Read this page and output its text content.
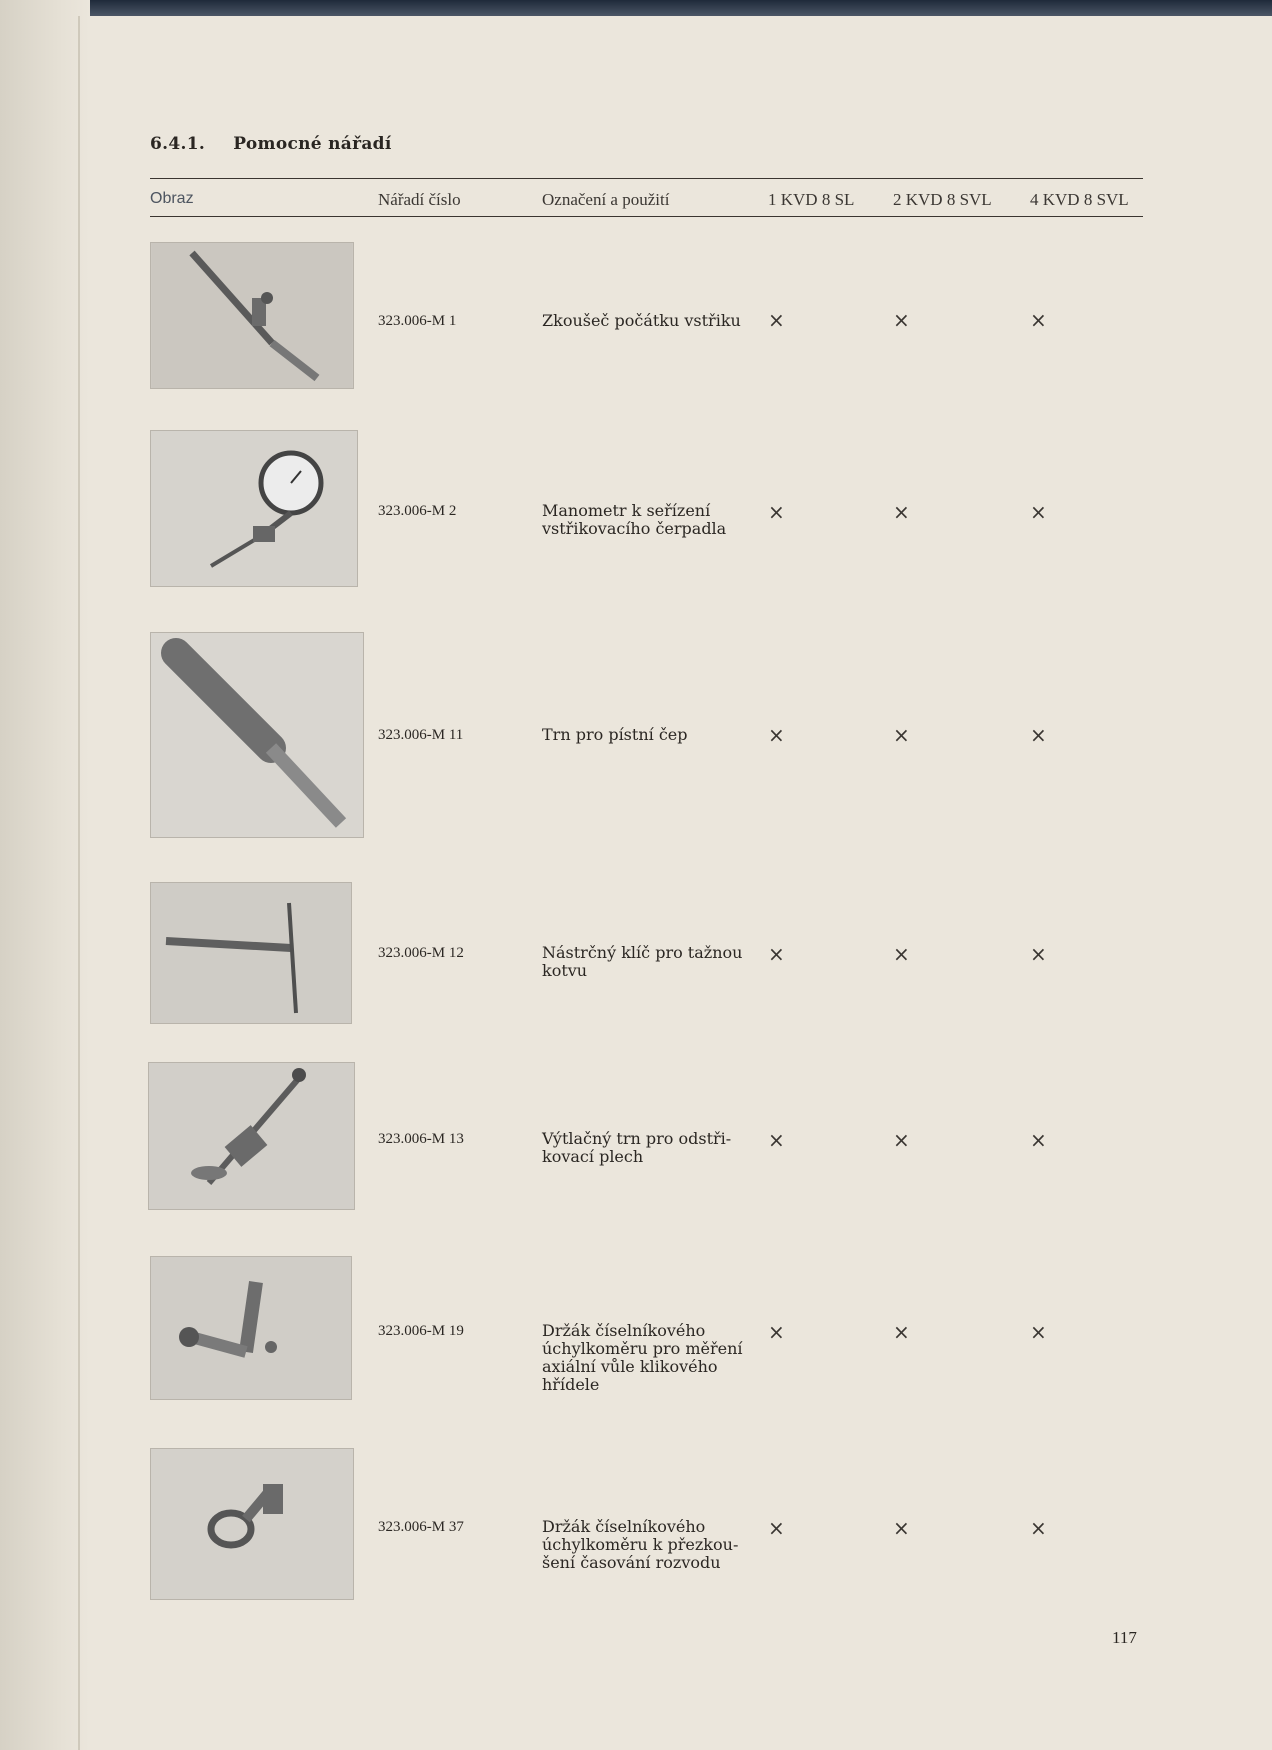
6.4.1. Pomocné nářadí
Obraz	Nářadí číslo	Označení a použití	1 KVD 8 SL 2 KVD 8 SVL 4 KVD 8 SVL
323.006-M 1	Zkoušeč počátku vstřiku	×	×	×
323.006-M 2	Manometr k seřízení
vstřikovacího čerpadla
×	×	×
323.006-M 11	Trn pro pístní čep	×	×	×
323.006-M 12	Nástrčný klíč pro tažnou
kotvu
×	×	×
323.006-M 13	Výtlačný trn pro odstři-
kovací plech
×	×	×
323.006-M 19	Držák číselníkového
úchylkoměru pro měření
axiální vůle klikového
hřídele
×	×	×
323.006-M 37	Držák číselníkového
úchylkoměru k přezkou-
šení časování rozvodu
×	×	×
117
